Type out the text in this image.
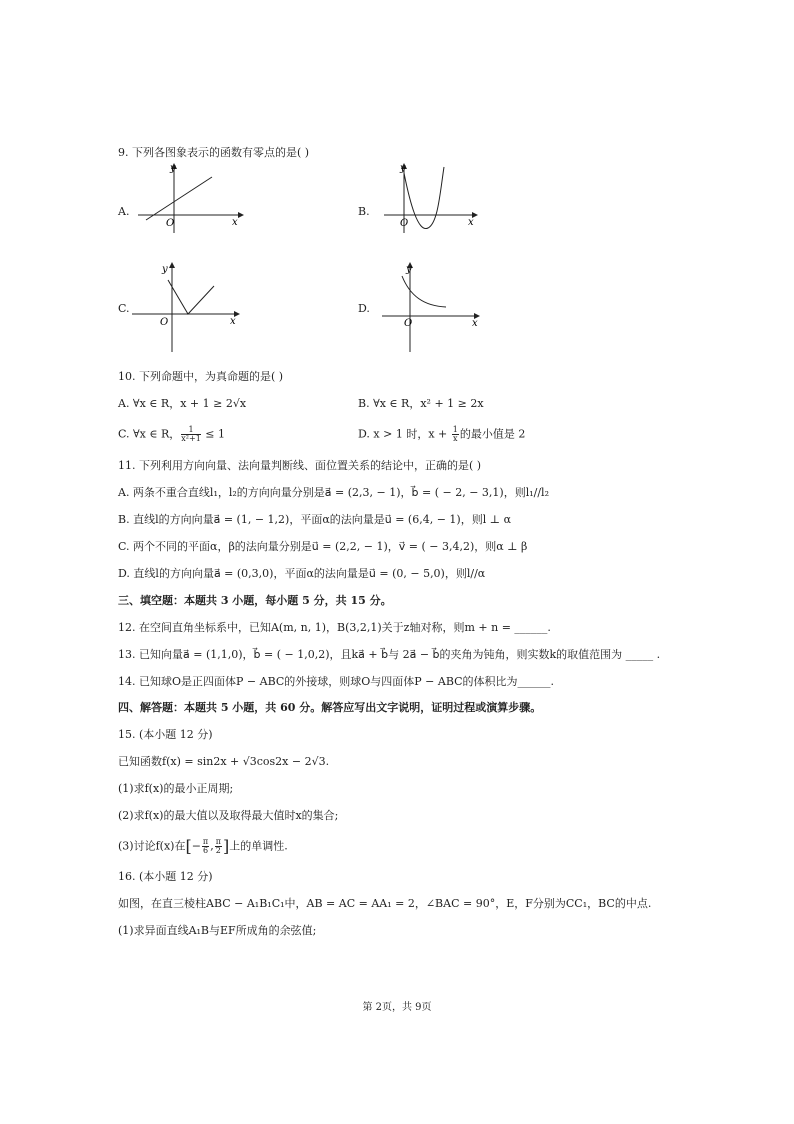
9. 下列各图象表示的函数有零点的是( )
A.
y
x
O
B.
y
x
O
C.
y
x
O
D.
y
x
O
10. 下列命题中，为真命题的是( )
A. ∀x ∈ R，x + 1 ≥ 2√x	B. ∀x ∈ R，x² + 1 ≥ 2x
C. ∀x ∈ R， $\frac{1}{\text{x²+1}} \le 1$	D. x > 1 时，$x + \frac{1}{x}$ 的最小值是 2
11. 下列利用方向向量、法向量判断线、面位置关系的结论中，正确的是( )
A. 两条不重合直线l₁，l₂的方向向量分别是a⃗ = (2,3, − 1)，b⃗ = ( − 2, − 3,1)，则l₁//l₂
B. 直线l的方向向量a⃗ = (1, − 1,2)，平面α的法向量是u⃗ = (6,4, − 1)，则l ⊥ α
C. 两个不同的平面α，β的法向量分别是u⃗ = (2,2, − 1)，v⃗ = ( − 3,4,2)，则α ⊥ β
D. 直线l的方向向量a⃗ = (0,3,0)，平面α的法向量是u⃗ = (0, − 5,0)，则l//α
三、填空题：本题共 3 小题，每小题 5 分，共 15 分。
12. 在空间直角坐标系中，已知A(m, n, 1)，B(3,2,1)关于z轴对称，则m + n = ______.
13. 已知向量a⃗ = (1,1,0)，b⃗ = ( − 1,0,2)，且ka⃗ + b⃗与 2a⃗ − b⃗的夹角为钝角，则实数k的取值范围为 _____ .
14. 已知球O是正四面体P − ABC的外接球，则球O与四面体P − ABC的体积比为______.
四、解答题：本题共 5 小题，共 60 分。解答应写出文字说明，证明过程或演算步骤。
15. (本小题 12 分)
已知函数f(x) = sin2x + √3cos2x − 2√3.
(1)求f(x)的最小正周期;
(2)求f(x)的最大值以及取得最大值时x的集合;
(3)讨论f(x)在[− $\frac{\pi}{6}$ , $\frac{\pi}{2}$ ]上的单调性.
16. (本小题 12 分)
如图，在直三棱柱ABC − A₁B₁C₁中，AB = AC = AA₁ = 2，∠BAC = 90°，E，F分别为CC₁，BC的中点.
(1)求异面直线A₁B与EF所成角的余弦值;
第 2页，共 9页
